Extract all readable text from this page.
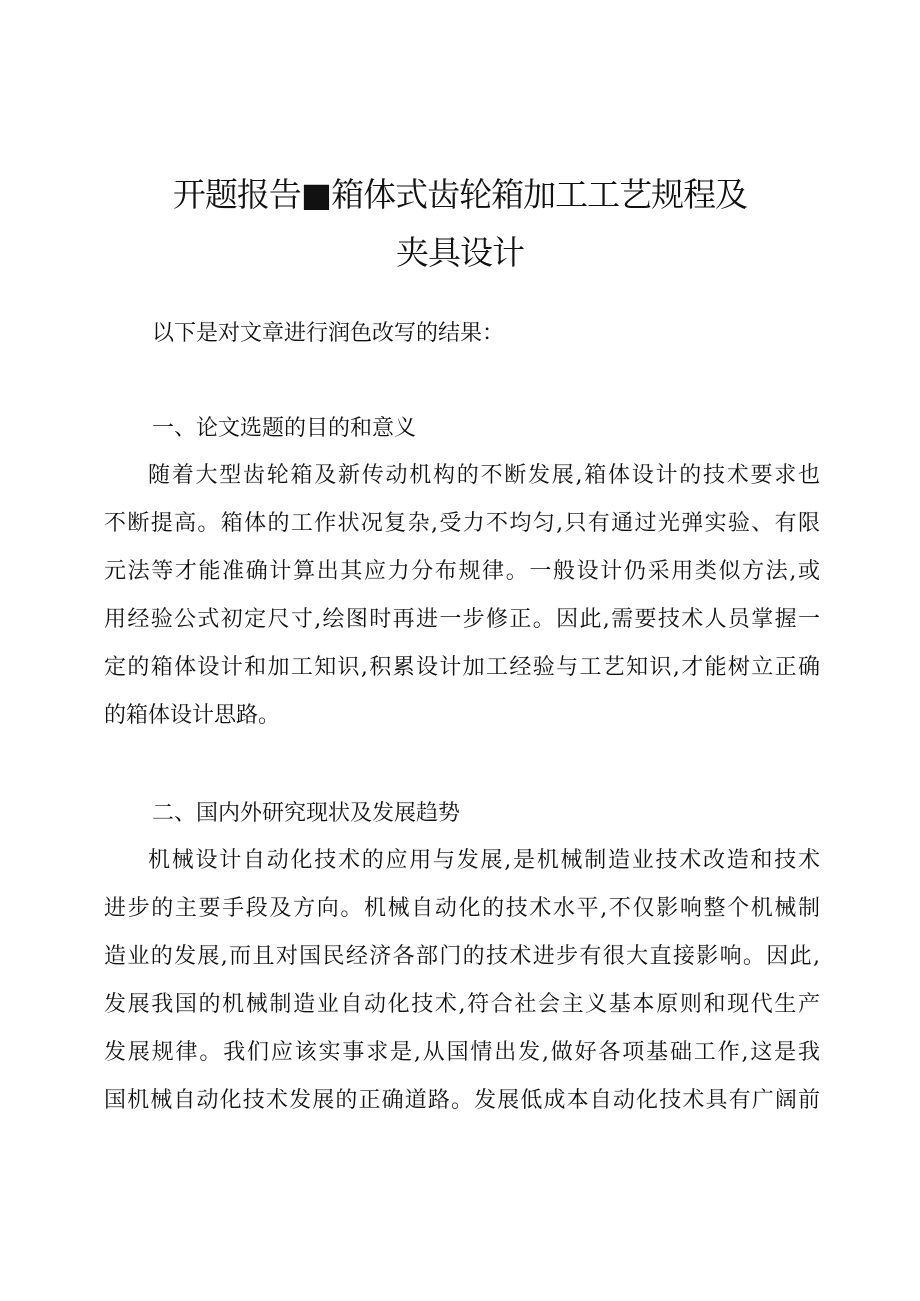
开题报告■箱体式齿轮箱加工工艺规程及
夹具设计
以下是对文章进行润色改写的结果：
一、论文选题的目的和意义
随着大型齿轮箱及新传动机构的不断发展,箱体设计的技术要求也
不断提高。箱体的工作状况复杂,受力不均匀,只有通过光弹实验、有限
元法等才能准确计算出其应力分布规律。一般设计仍采用类似方法,或
用经验公式初定尺寸,绘图时再进一步修正。因此,需要技术人员掌握一
定的箱体设计和加工知识,积累设计加工经验与工艺知识,才能树立正确
的箱体设计思路。
二、国内外研究现状及发展趋势
机械设计自动化技术的应用与发展,是机械制造业技术改造和技术
进步的主要手段及方向。机械自动化的技术水平,不仅影响整个机械制
造业的发展,而且对国民经济各部门的技术进步有很大直接影响。因此,
发展我国的机械制造业自动化技术,符合社会主义基本原则和现代生产
发展规律。我们应该实事求是,从国情出发,做好各项基础工作,这是我
国机械自动化技术发展的正确道路。发展低成本自动化技术具有广阔前
